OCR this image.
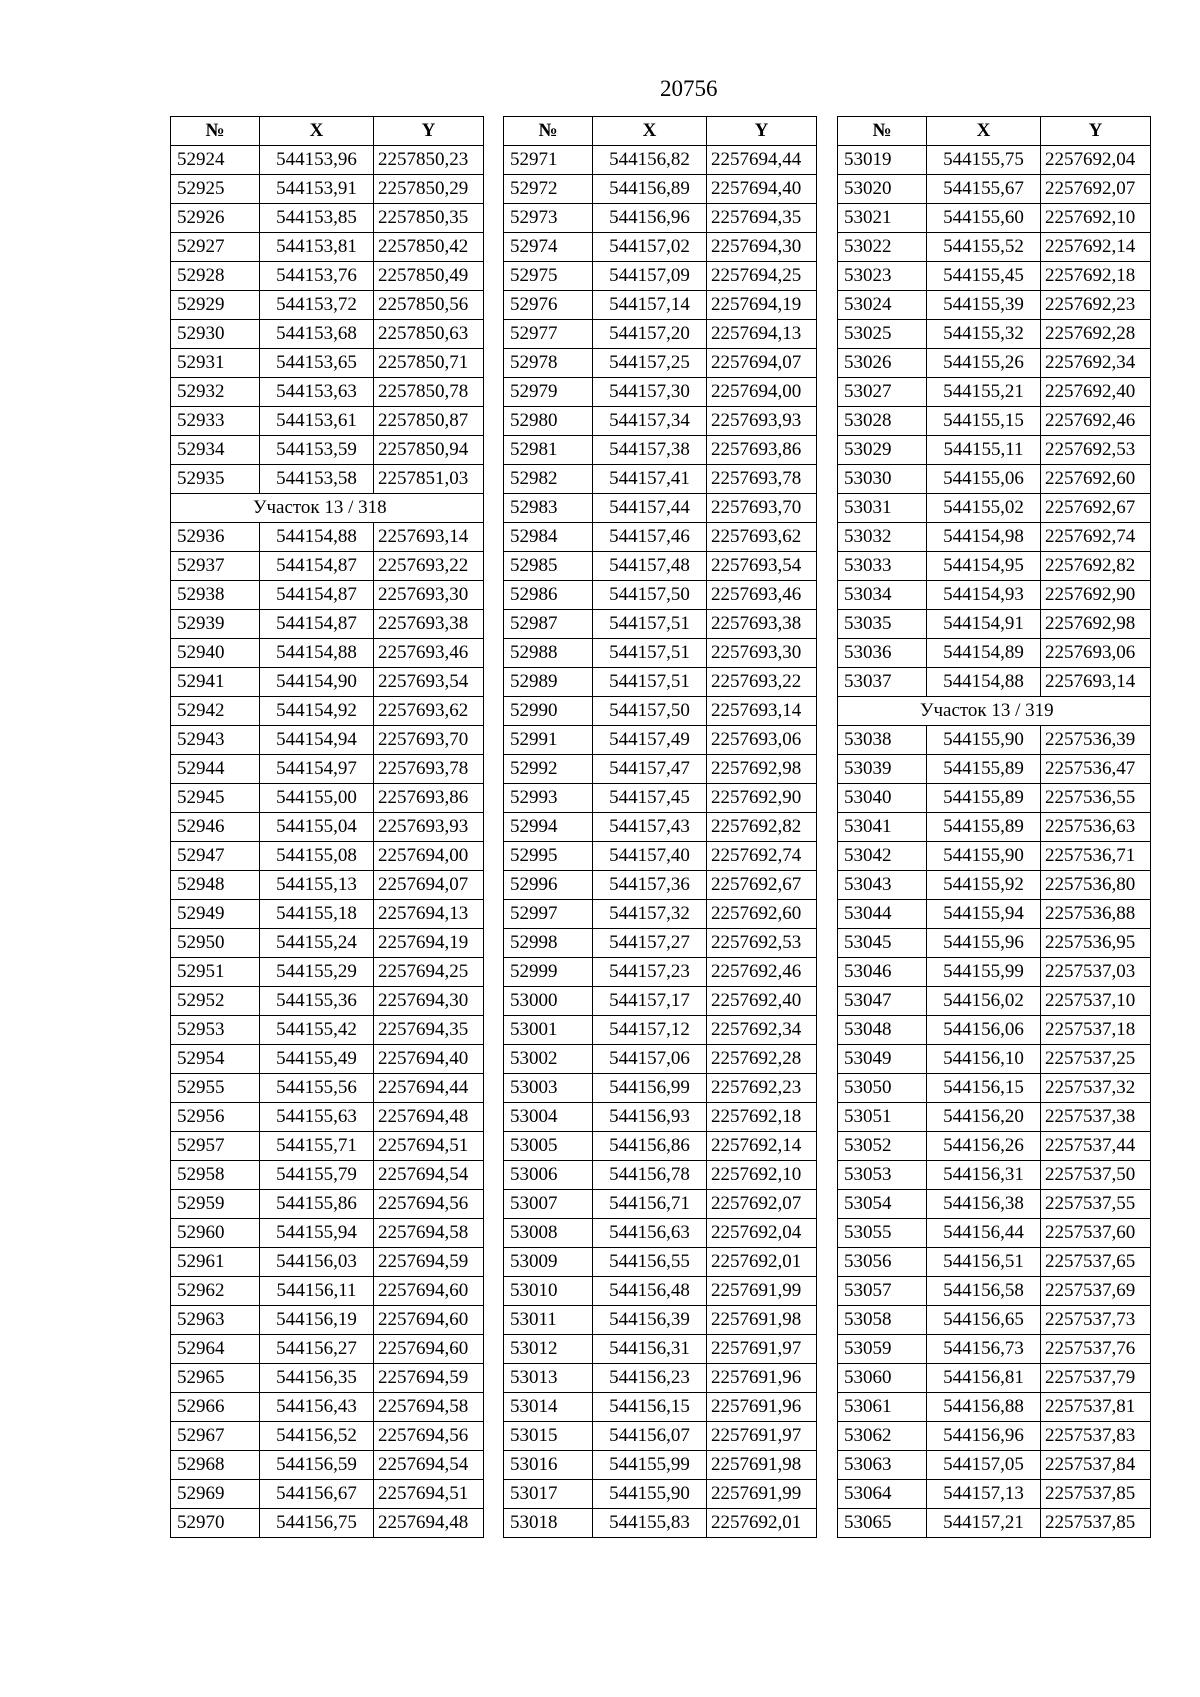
20756
№	X	Y
52924	544153,96	2257850,23
52925	544153,91	2257850,29
52926	544153,85	2257850,35
52927	544153,81	2257850,42
52928	544153,76	2257850,49
52929	544153,72	2257850,56
52930	544153,68	2257850,63
52931	544153,65	2257850,71
52932	544153,63	2257850,78
52933	544153,61	2257850,87
52934	544153,59	2257850,94
52935	544153,58	2257851,03
Участок 13 / 318		
52936	544154,88	2257693,14
52937	544154,87	2257693,22
52938	544154,87	2257693,30
52939	544154,87	2257693,38
52940	544154,88	2257693,46
52941	544154,90	2257693,54
52942	544154,92	2257693,62
52943	544154,94	2257693,70
52944	544154,97	2257693,78
52945	544155,00	2257693,86
52946	544155,04	2257693,93
52947	544155,08	2257694,00
52948	544155,13	2257694,07
52949	544155,18	2257694,13
52950	544155,24	2257694,19
52951	544155,29	2257694,25
52952	544155,36	2257694,30
52953	544155,42	2257694,35
52954	544155,49	2257694,40
52955	544155,56	2257694,44
52956	544155,63	2257694,48
52957	544155,71	2257694,51
52958	544155,79	2257694,54
52959	544155,86	2257694,56
52960	544155,94	2257694,58
52961	544156,03	2257694,59
52962	544156,11	2257694,60
52963	544156,19	2257694,60
52964	544156,27	2257694,60
52965	544156,35	2257694,59
52966	544156,43	2257694,58
52967	544156,52	2257694,56
52968	544156,59	2257694,54
52969	544156,67	2257694,51
52970	544156,75	2257694,48
№	X	Y
52971	544156,82	2257694,44
52972	544156,89	2257694,40
52973	544156,96	2257694,35
52974	544157,02	2257694,30
52975	544157,09	2257694,25
52976	544157,14	2257694,19
52977	544157,20	2257694,13
52978	544157,25	2257694,07
52979	544157,30	2257694,00
52980	544157,34	2257693,93
52981	544157,38	2257693,86
52982	544157,41	2257693,78
52983	544157,44	2257693,70
52984	544157,46	2257693,62
52985	544157,48	2257693,54
52986	544157,50	2257693,46
52987	544157,51	2257693,38
52988	544157,51	2257693,30
52989	544157,51	2257693,22
52990	544157,50	2257693,14
52991	544157,49	2257693,06
52992	544157,47	2257692,98
52993	544157,45	2257692,90
52994	544157,43	2257692,82
52995	544157,40	2257692,74
52996	544157,36	2257692,67
52997	544157,32	2257692,60
52998	544157,27	2257692,53
52999	544157,23	2257692,46
53000	544157,17	2257692,40
53001	544157,12	2257692,34
53002	544157,06	2257692,28
53003	544156,99	2257692,23
53004	544156,93	2257692,18
53005	544156,86	2257692,14
53006	544156,78	2257692,10
53007	544156,71	2257692,07
53008	544156,63	2257692,04
53009	544156,55	2257692,01
53010	544156,48	2257691,99
53011	544156,39	2257691,98
53012	544156,31	2257691,97
53013	544156,23	2257691,96
53014	544156,15	2257691,96
53015	544156,07	2257691,97
53016	544155,99	2257691,98
53017	544155,90	2257691,99
53018	544155,83	2257692,01
№	X	Y
53019	544155,75	2257692,04
53020	544155,67	2257692,07
53021	544155,60	2257692,10
53022	544155,52	2257692,14
53023	544155,45	2257692,18
53024	544155,39	2257692,23
53025	544155,32	2257692,28
53026	544155,26	2257692,34
53027	544155,21	2257692,40
53028	544155,15	2257692,46
53029	544155,11	2257692,53
53030	544155,06	2257692,60
53031	544155,02	2257692,67
53032	544154,98	2257692,74
53033	544154,95	2257692,82
53034	544154,93	2257692,90
53035	544154,91	2257692,98
53036	544154,89	2257693,06
53037	544154,88	2257693,14
Участок 13 / 319		
53038	544155,90	2257536,39
53039	544155,89	2257536,47
53040	544155,89	2257536,55
53041	544155,89	2257536,63
53042	544155,90	2257536,71
53043	544155,92	2257536,80
53044	544155,94	2257536,88
53045	544155,96	2257536,95
53046	544155,99	2257537,03
53047	544156,02	2257537,10
53048	544156,06	2257537,18
53049	544156,10	2257537,25
53050	544156,15	2257537,32
53051	544156,20	2257537,38
53052	544156,26	2257537,44
53053	544156,31	2257537,50
53054	544156,38	2257537,55
53055	544156,44	2257537,60
53056	544156,51	2257537,65
53057	544156,58	2257537,69
53058	544156,65	2257537,73
53059	544156,73	2257537,76
53060	544156,81	2257537,79
53061	544156,88	2257537,81
53062	544156,96	2257537,83
53063	544157,05	2257537,84
53064	544157,13	2257537,85
53065	544157,21	2257537,85
